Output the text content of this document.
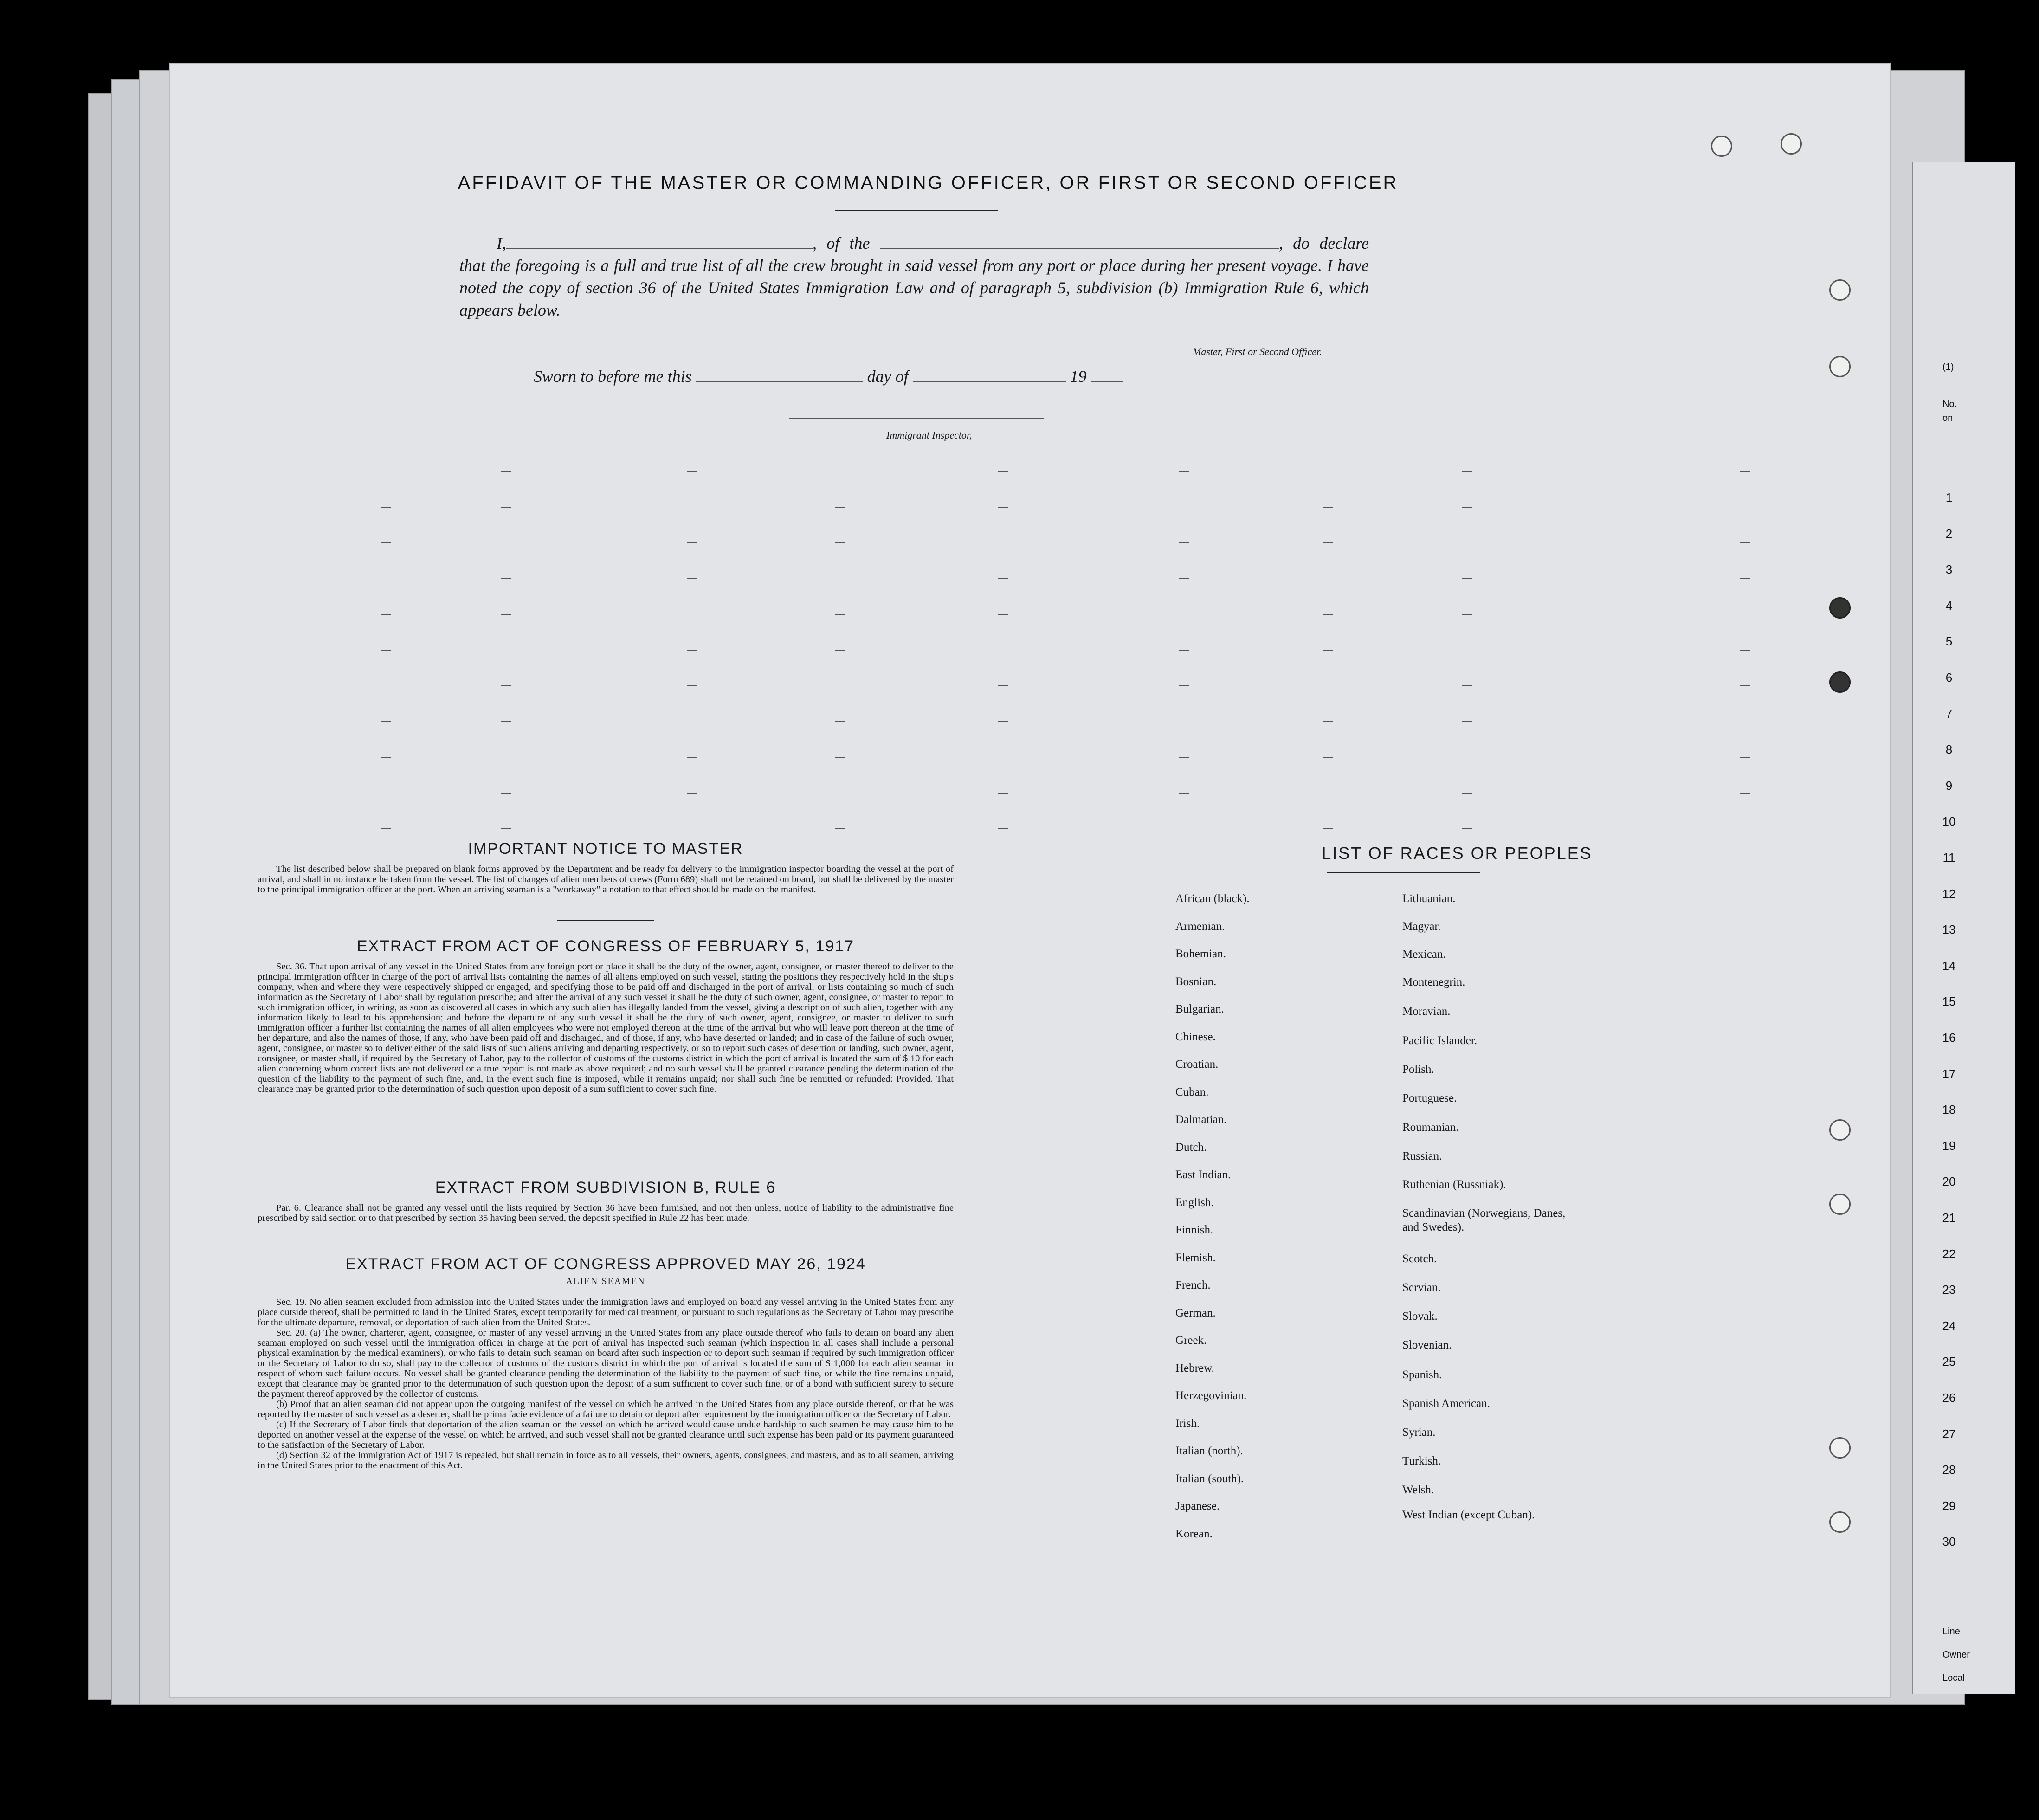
AFFIDAVIT OF THE MASTER OR COMMANDING OFFICER, OR FIRST OR SECOND OFFICER
I,	, of the	, do declare that the foregoing is a full and true list of all the crew brought in said vessel from any port or place during her present voyage. I have noted the copy of section 36 of the United States Immigration Law and of paragraph 5, subdivision (b) Immigration Rule 6, which appears below.
Master, First or Second Officer.
Sworn to before me this	day of	19
Immigrant Inspector,
IMPORTANT NOTICE TO MASTER

The list described below shall be prepared on blank forms approved by the Department and be ready for delivery to the immigration inspector boarding the vessel at the port of arrival, and shall in no instance be taken from the vessel. The list of changes of alien members of crews (Form 689) shall not be retained on board, but shall be delivered by the master to the principal immigration officer at the port. When an arriving seaman is a "workaway" a notation to that effect should be made on the manifest.

EXTRACT FROM ACT OF CONGRESS OF FEBRUARY 5, 1917

Sec. 36. That upon arrival of any vessel in the United States from any foreign port or place it shall be the duty of the owner, agent, consignee, or master thereof to deliver to the principal immigration officer in charge of the port of arrival lists containing the names of all aliens employed on such vessel, stating the positions they respectively hold in the ship's company, when and where they were respectively shipped or engaged, and specifying those to be paid off and discharged in the port of arrival; or lists containing so much of such information as the Secretary of Labor shall by regulation prescribe; and after the arrival of any such vessel it shall be the duty of such owner, agent, consignee, or master to report to such immigration officer, in writing, as soon as discovered all cases in which any such alien has illegally landed from the vessel, giving a description of such alien, together with any information likely to lead to his apprehension; and before the departure of any such vessel it shall be the duty of such owner, agent, consignee, or master to deliver to such immigration officer a further list containing the names of all alien employees who were not employed thereon at the time of the arrival but who will leave port thereon at the time of her departure, and also the names of those, if any, who have been paid off and discharged, and of those, if any, who have deserted or landed; and in case of the failure of such owner, agent, consignee, or master so to deliver either of the said lists of such aliens arriving and departing respectively, or so to report such cases of desertion or landing, such owner, agent, consignee, or master shall, if required by the Secretary of Labor, pay to the collector of customs of the customs district in which the port of arrival is located the sum of $ 10 for each alien concerning whom correct lists are not delivered or a true report is not made as above required; and no such vessel shall be granted clearance pending the determination of the question of the liability to the payment of such fine, and, in the event such fine is imposed, while it remains unpaid; nor shall such fine be remitted or refunded: Provided. That clearance may be granted prior to the determination of such question upon deposit of a sum sufficient to cover such fine.

EXTRACT FROM SUBDIVISION B, RULE 6

Par. 6. Clearance shall not be granted any vessel until the lists required by Section 36 have been furnished, and not then unless, notice of liability to the administrative fine prescribed by said section or to that prescribed by section 35 having been served, the deposit specified in Rule 22 has been made.

EXTRACT FROM ACT OF CONGRESS APPROVED MAY 26, 1924
ALIEN SEAMEN

Sec. 19. No alien seamen excluded from admission into the United States under the immigration laws and employed on board any vessel arriving in the United States from any place outside thereof, shall be permitted to land in the United States, except temporarily for medical treatment, or pursuant to such regulations as the Secretary of Labor may prescribe for the ultimate departure, removal, or deportation of such alien from the United States.

Sec. 20. (a) The owner, charterer, agent, consignee, or master of any vessel arriving in the United States from any place outside thereof who fails to detain on board any alien seaman employed on such vessel until the immigration officer in charge at the port of arrival has inspected such seaman (which inspection in all cases shall include a personal physical examination by the medical examiners), or who fails to detain such seaman on board after such inspection or to deport such seaman if required by such immigration officer or the Secretary of Labor to do so, shall pay to the collector of customs of the customs district in which the port of arrival is located the sum of $ 1,000 for each alien seaman in respect of whom such failure occurs. No vessel shall be granted clearance pending the determination of the liability to the payment of such fine, or while the fine remains unpaid, except that clearance may be granted prior to the determination of such question upon the deposit of a sum sufficient to cover such fine, or of a bond with sufficient surety to secure the payment thereof approved by the collector of customs.

(b) Proof that an alien seaman did not appear upon the outgoing manifest of the vessel on which he arrived in the United States from any place outside thereof, or that he was reported by the master of such vessel as a deserter, shall be prima facie evidence of a failure to detain or deport after requirement by the immigration officer or the Secretary of Labor.

(c) If the Secretary of Labor finds that deportation of the alien seaman on the vessel on which he arrived would cause undue hardship to such seamen he may cause him to be deported on another vessel at the expense of the vessel on which he arrived, and such vessel shall not be granted clearance until such expense has been paid or its payment guaranteed to the satisfaction of the Secretary of Labor.

(d) Section 32 of the Immigration Act of 1917 is repealed, but shall remain in force as to all vessels, their owners, agents, consignees, and masters, and as to all seamen, arriving in the United States prior to the enactment of this Act.

LIST OF RACES OR PEOPLES
African (black).
Armenian.
Bohemian.
Bosnian.
Bulgarian.
Chinese.
Croatian.
Cuban.
Dalmatian.
Dutch.
East Indian.
English.
Finnish.
Flemish.
French.
German.
Greek.
Hebrew.
Herzegovinian.
Irish.
Italian (north).
Italian (south).
Japanese.
Korean.
Lithuanian.
Magyar.
Mexican.
Montenegrin.
Moravian.
Pacific Islander.
Polish.
Portuguese.
Roumanian.
Russian.
Ruthenian (Russniak).
Scandinavian (Norwegians, Danes, and Swedes).
Scotch.
Servian.
Slovak.
Slovenian.
Spanish.
Spanish American.
Syrian.
Turkish.
Welsh.
West Indian (except Cuban).
(1)
No.
on
1
2
3
4
5
6
7
8
9
10
11
12
13
14
15
16
17
18
19
20
21
22
23
24
25
26
27
28
29
30
Line
Owner
Local
